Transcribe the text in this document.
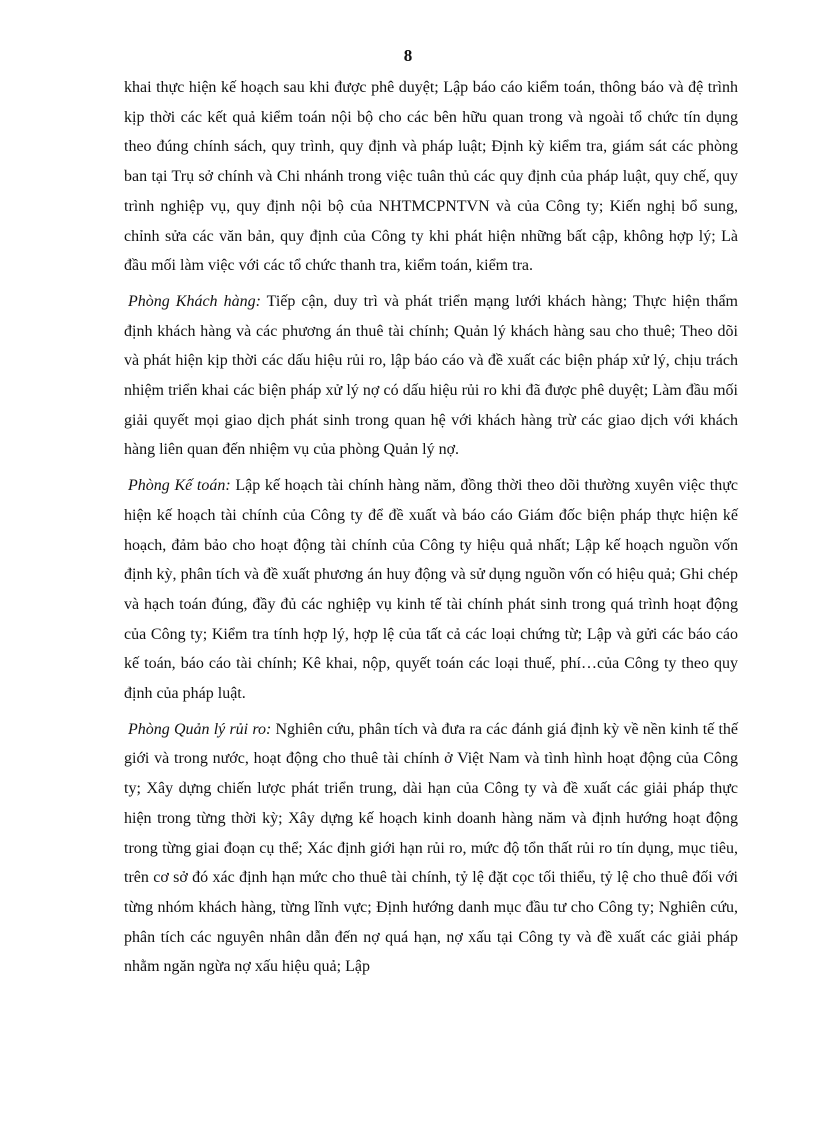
8

khai thực hiện kế hoạch sau khi được phê duyệt; Lập báo cáo kiểm toán, thông báo và đệ trình kịp thời các kết quả kiểm toán nội bộ cho các bên hữu quan trong và ngoài tổ chức tín dụng theo đúng chính sách, quy trình, quy định và pháp luật; Định kỳ kiểm tra, giám sát các phòng ban tại Trụ sở chính và Chi nhánh trong việc tuân thủ các quy định của pháp luật, quy chế, quy trình nghiệp vụ, quy định nội bộ của NHTMCPNTVN và của Công ty; Kiến nghị bổ sung, chỉnh sửa các văn bản, quy định của Công ty khi phát hiện những bất cập, không hợp lý; Là đầu mối làm việc với các tổ chức thanh tra, kiểm toán, kiểm tra.

Phòng Khách hàng: Tiếp cận, duy trì và phát triển mạng lưới khách hàng; Thực hiện thẩm định khách hàng và các phương án thuê tài chính; Quản lý khách hàng sau cho thuê; Theo dõi và phát hiện kịp thời các dấu hiệu rủi ro, lập báo cáo và đề xuất các biện pháp xử lý, chịu trách nhiệm triển khai các biện pháp xử lý nợ có dấu hiệu rủi ro khi đã được phê duyệt; Làm đầu mối giải quyết mọi giao dịch phát sinh trong quan hệ với khách hàng trừ các giao dịch với khách hàng liên quan đến nhiệm vụ của phòng Quản lý nợ.

Phòng Kế toán: Lập kế hoạch tài chính hàng năm, đồng thời theo dõi thường xuyên việc thực hiện kế hoạch tài chính của Công ty để đề xuất và báo cáo Giám đốc biện pháp thực hiện kế hoạch, đảm bảo cho hoạt động tài chính của Công ty hiệu quả nhất; Lập kế hoạch nguồn vốn định kỳ, phân tích và đề xuất phương án huy động và sử dụng nguồn vốn có hiệu quả; Ghi chép và hạch toán đúng, đầy đủ các nghiệp vụ kinh tế tài chính phát sinh trong quá trình hoạt động của Công ty; Kiểm tra tính hợp lý, hợp lệ của tất cả các loại chứng từ; Lập và gửi các báo cáo kế toán, báo cáo tài chính; Kê khai, nộp, quyết toán các loại thuế, phí…của Công ty theo quy định của pháp luật.

Phòng Quản lý rủi ro: Nghiên cứu, phân tích và đưa ra các đánh giá định kỳ về nền kinh tế thế giới và trong nước, hoạt động cho thuê tài chính ở Việt Nam và tình hình hoạt động của Công ty; Xây dựng chiến lược phát triển trung, dài hạn của Công ty và đề xuất các giải pháp thực hiện trong từng thời kỳ; Xây dựng kế hoạch kinh doanh hàng năm và định hướng hoạt động trong từng giai đoạn cụ thể; Xác định giới hạn rủi ro, mức độ tổn thất rủi ro tín dụng, mục tiêu, trên cơ sở đó xác định hạn mức cho thuê tài chính, tỷ lệ đặt cọc tối thiểu, tỷ lệ cho thuê đối với từng nhóm khách hàng, từng lĩnh vực; Định hướng danh mục đầu tư cho Công ty; Nghiên cứu, phân tích các nguyên nhân dẫn đến nợ quá hạn, nợ xấu tại Công ty và đề xuất các giải pháp nhằm ngăn ngừa nợ xấu hiệu quả; Lập
